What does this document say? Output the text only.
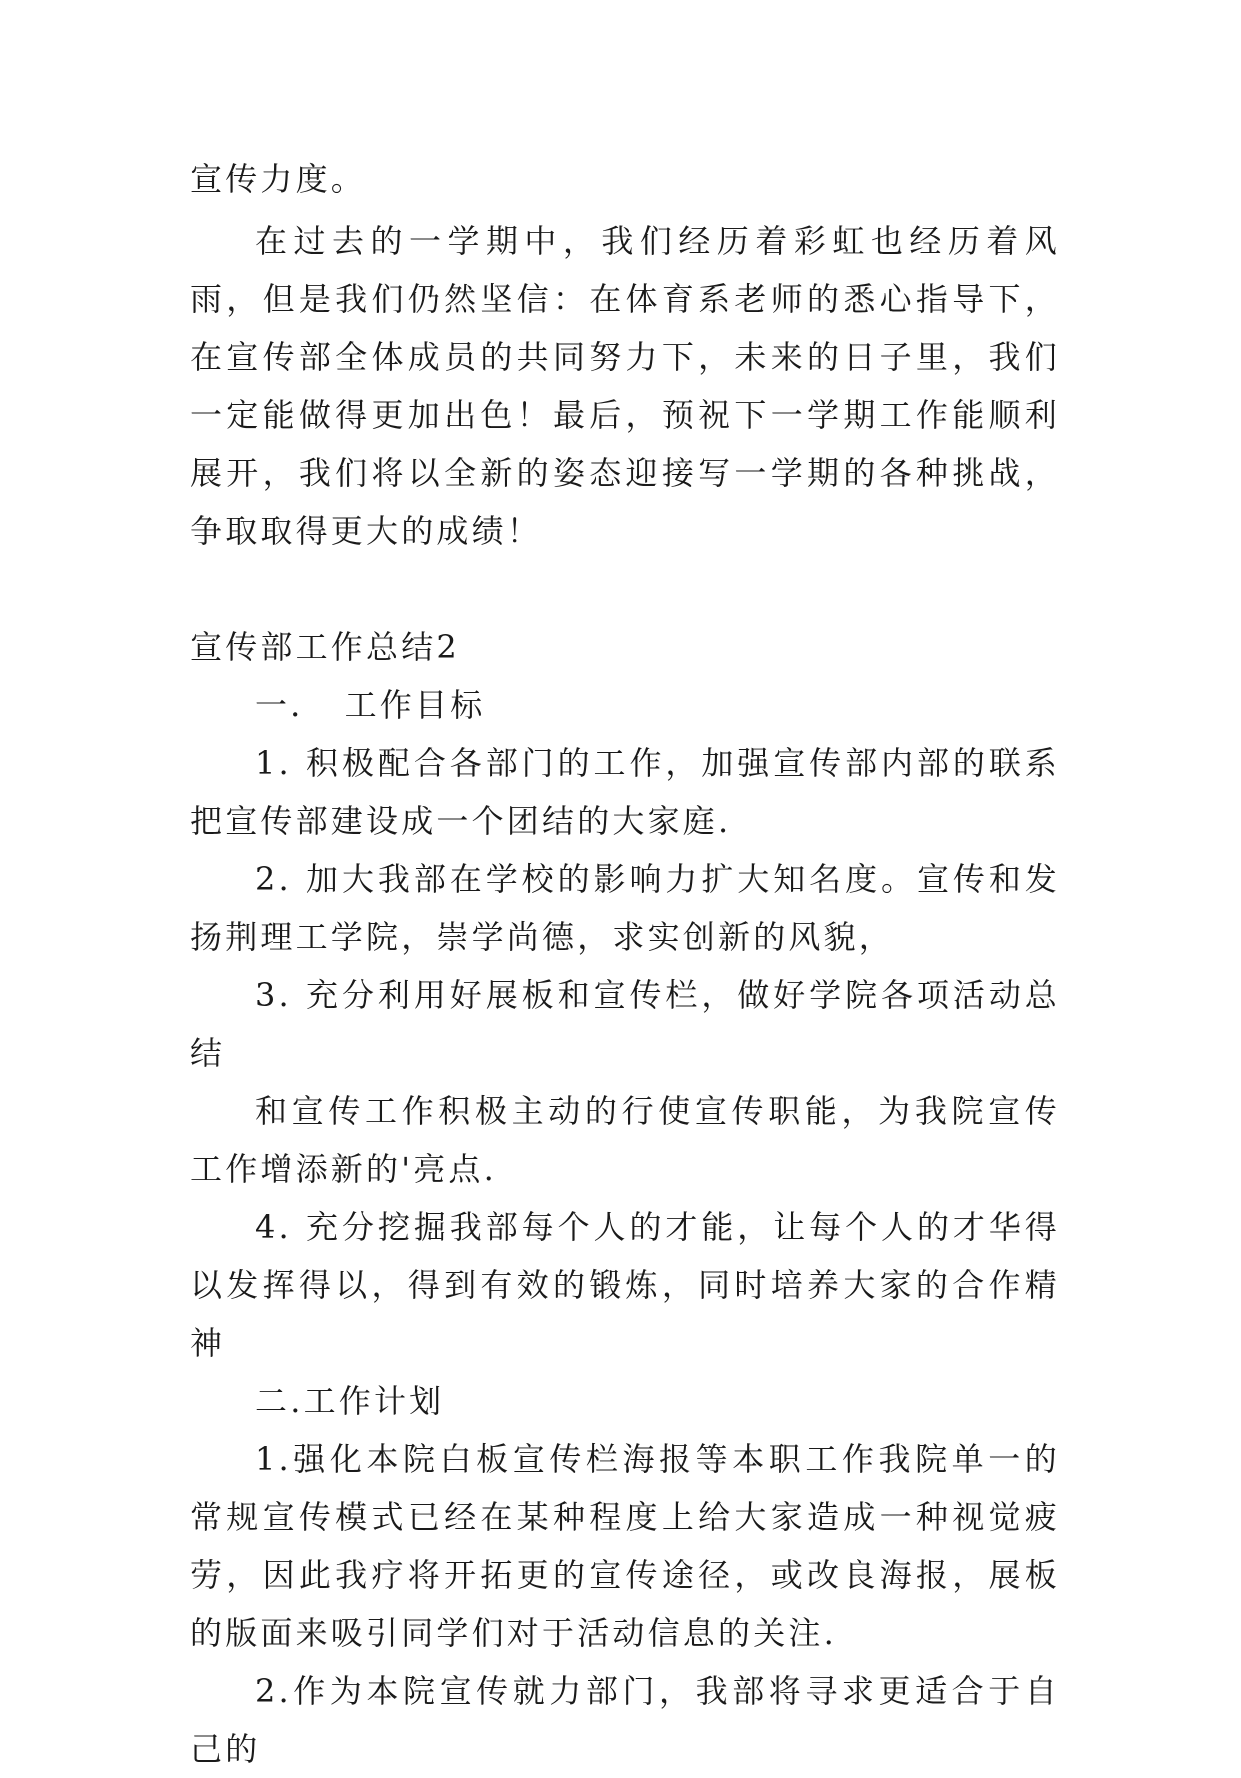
宣传力度。

在过去的一学期中，我们经历着彩虹也经历着风雨，但是我们仍然坚信：在体育系老师的悉心指导下，在宣传部全体成员的共同努力下，未来的日子里，我们一定能做得更加出色！最后，预祝下一学期工作能顺利展开，我们将以全新的姿态迎接写一学期的各种挑战，争取取得更大的成绩！

宣传部工作总结2

一．　工作目标

1. 积极配合各部门的工作，加强宣传部内部的联系把宣传部建设成一个团结的大家庭.

2. 加大我部在学校的影响力扩大知名度。宣传和发扬荆理工学院，崇学尚德，求实创新的风貌，

3. 充分利用好展板和宣传栏，做好学院各项活动总结

和宣传工作积极主动的行使宣传职能，为我院宣传工作增添新的'亮点.

4. 充分挖掘我部每个人的才能，让每个人的才华得以发挥得以，得到有效的锻炼，同时培养大家的合作精神

二.工作计划

1.强化本院白板宣传栏海报等本职工作我院单一的常规宣传模式已经在某种程度上给大家造成一种视觉疲劳，因此我疗将开拓更的宣传途径，或改良海报，展板的版面来吸引同学们对于活动信息的关注.

2.作为本院宣传就力部门，我部将寻求更适合于自己的
